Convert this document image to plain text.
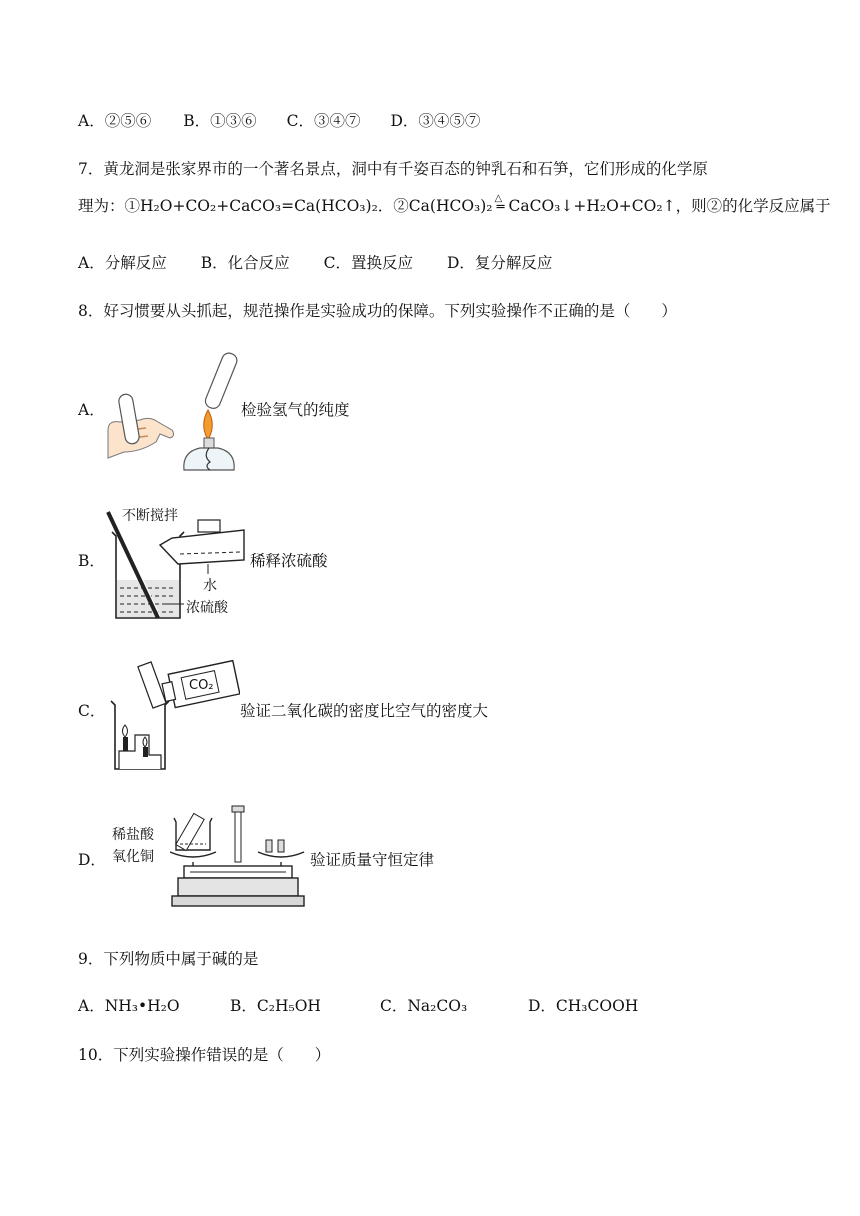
A．②⑤⑥ B．①③⑥ C．③④⑦ D．③④⑤⑦
7．黄龙洞是张家界市的一个著名景点，洞中有千姿百态的钟乳石和石笋，它们形成的化学原
理为：①H₂O+CO₂+CaCO₃=Ca(HCO₃)₂．②Ca(HCO₃)₂ △
═ CaCO₃↓+H₂O+CO₂↑，则②的化学反应属于
A．分解反应 B．化合反应 C．置换反应 D．复分解反应
8．好习惯要从头抓起，规范操作是实验成功的保障。下列实验操作不正确的是（　　）
A．	检验氢气的纯度
B．
不断搅拌
水
浓硫酸
稀释浓硫酸
C．
CO₂
验证二氧化碳的密度比空气的密度大
D．
稀盐酸
氧化铜	验证质量守恒定律
9．下列物质中属于碱的是
A．NH₃•H₂O	B．C₂H₅OH	C．Na₂CO₃	D．CH₃COOH
10．下列实验操作错误的是（　　）
